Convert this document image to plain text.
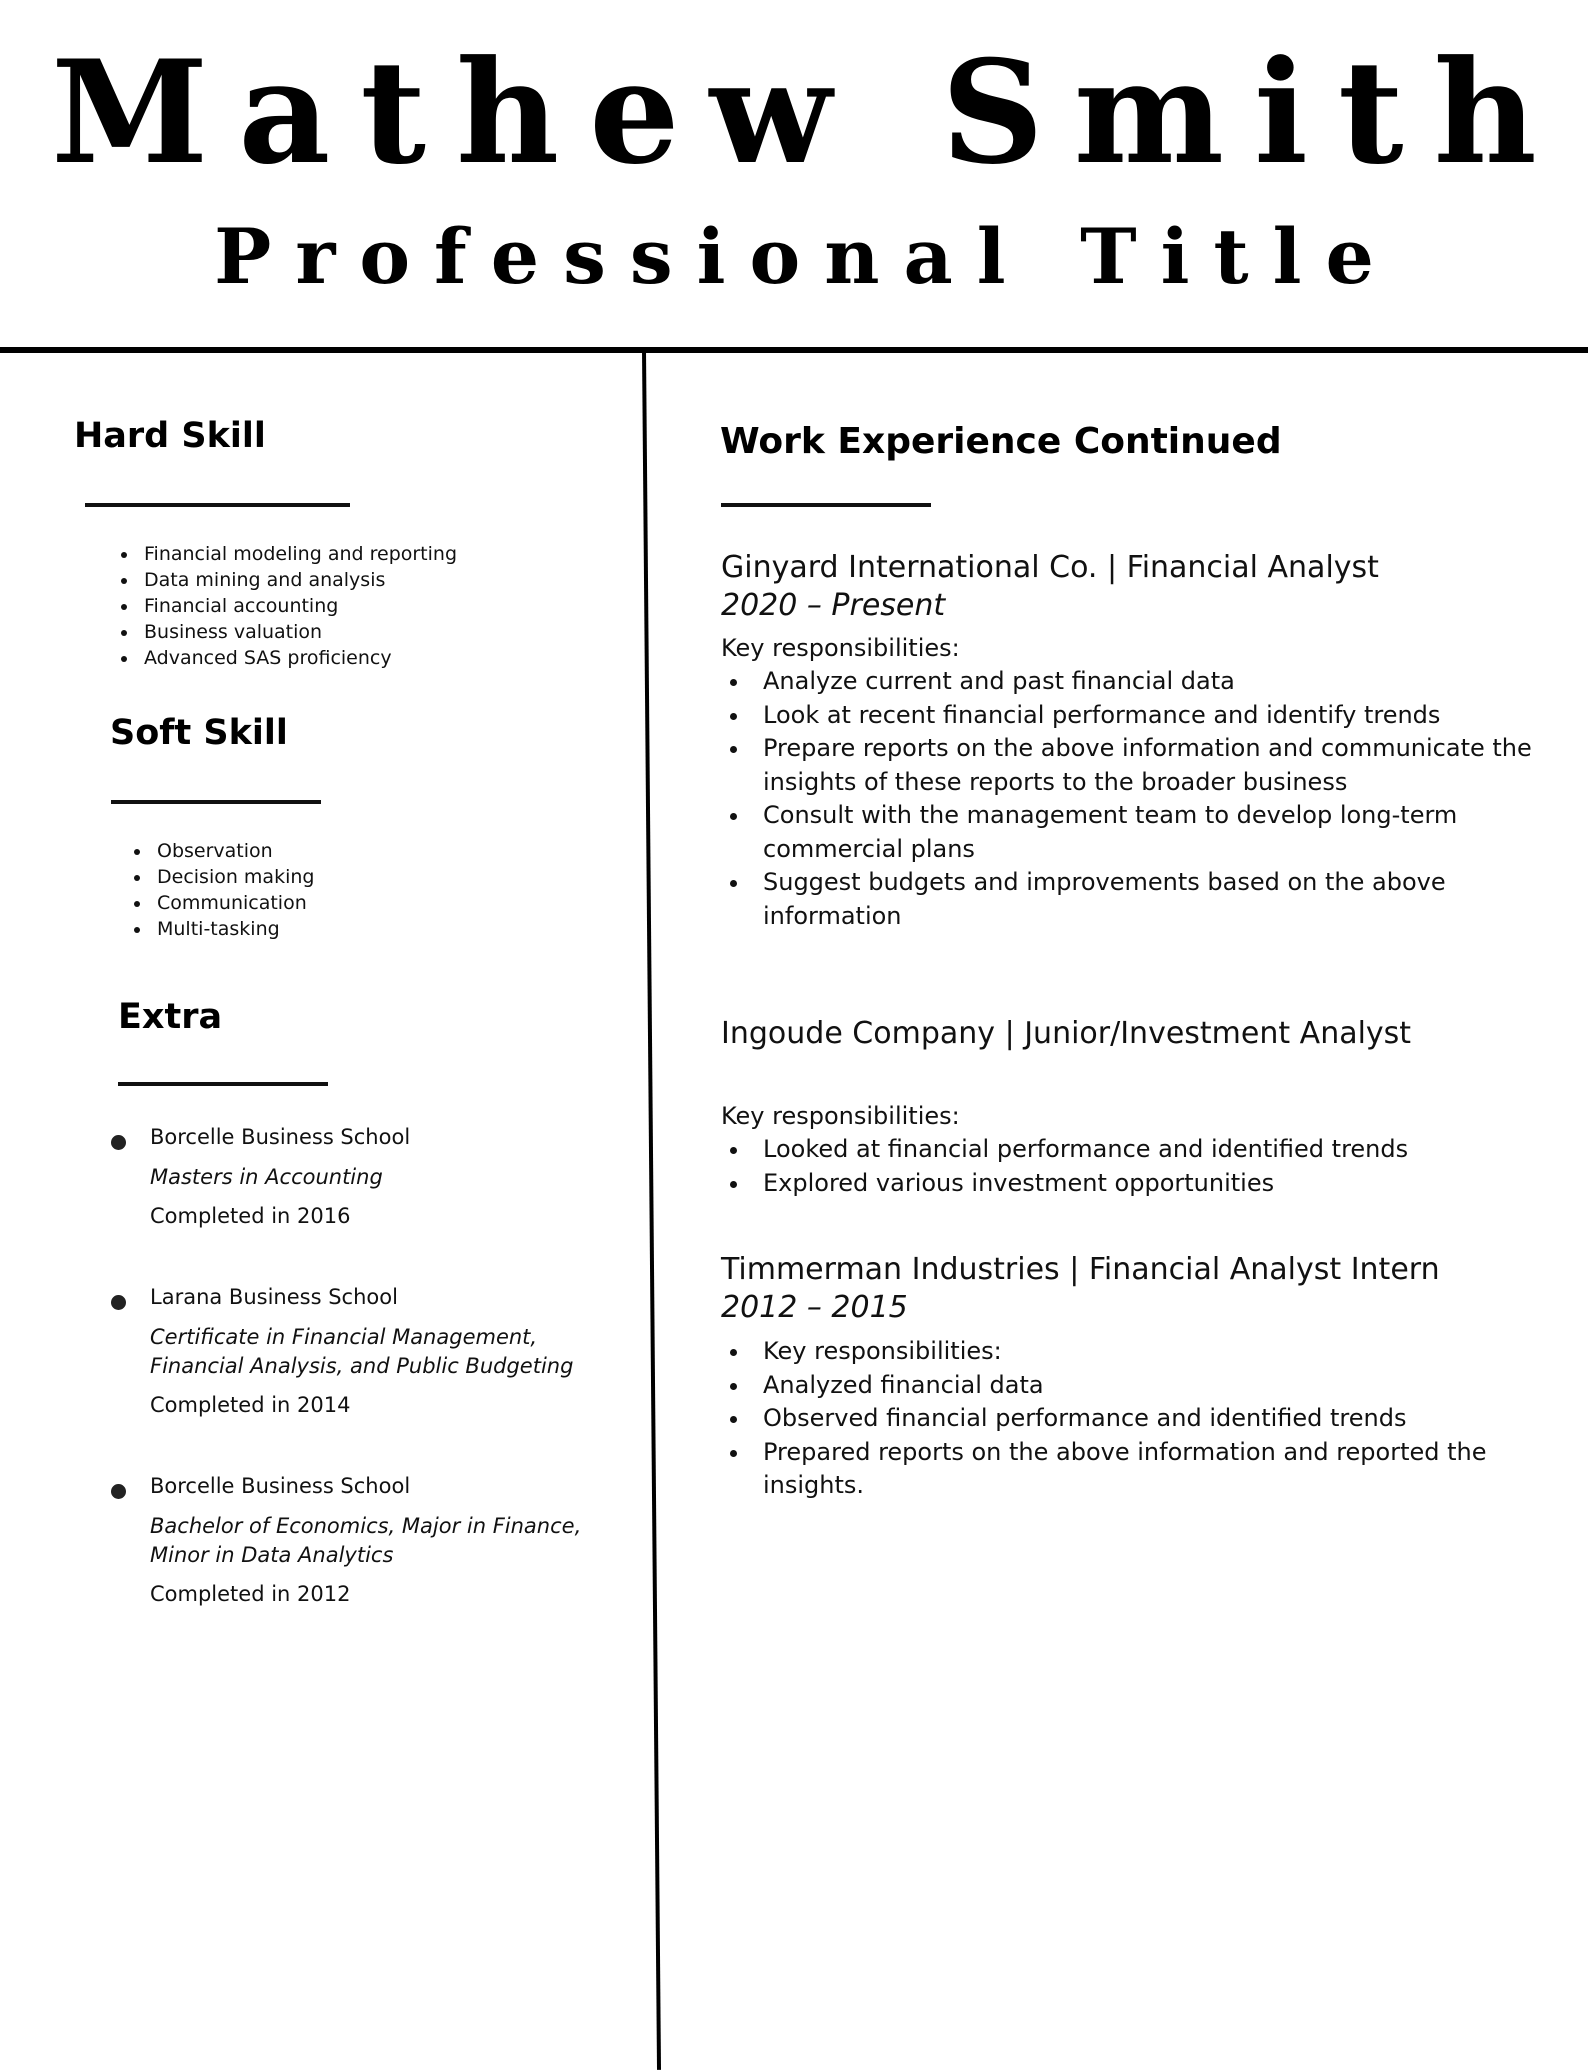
Mathew Smith
Professional Title
Hard Skill
Financial modeling and reporting
Data mining and analysis
Financial accounting
Business valuation
Advanced SAS proficiency
Soft Skill
Observation
Decision making
Communication
Multi-tasking
Extra
Borcelle Business School
Masters in Accounting
Completed in 2016
Larana Business School
Certificate in Financial Management, Financial Analysis, and Public Budgeting
Completed in 2014
Borcelle Business School
Bachelor of Economics, Major in Finance, Minor in Data Analytics
Completed in 2012
Work Experience Continued
Ginyard International Co. | Financial Analyst
2020 – Present
Key responsibilities:
Analyze current and past financial data
Look at recent financial performance and identify trends
Prepare reports on the above information and communicate the insights of these reports to the broader business
Consult with the management team to develop long-term commercial plans
Suggest budgets and improvements based on the above information
Ingoude Company | Junior/Investment Analyst
Key responsibilities:
Looked at financial performance and identified trends
Explored various investment opportunities
Timmerman Industries | Financial Analyst Intern
2012 – 2015
Key responsibilities:
Analyzed financial data
Observed financial performance and identified trends
Prepared reports on the above information and reported the insights.
